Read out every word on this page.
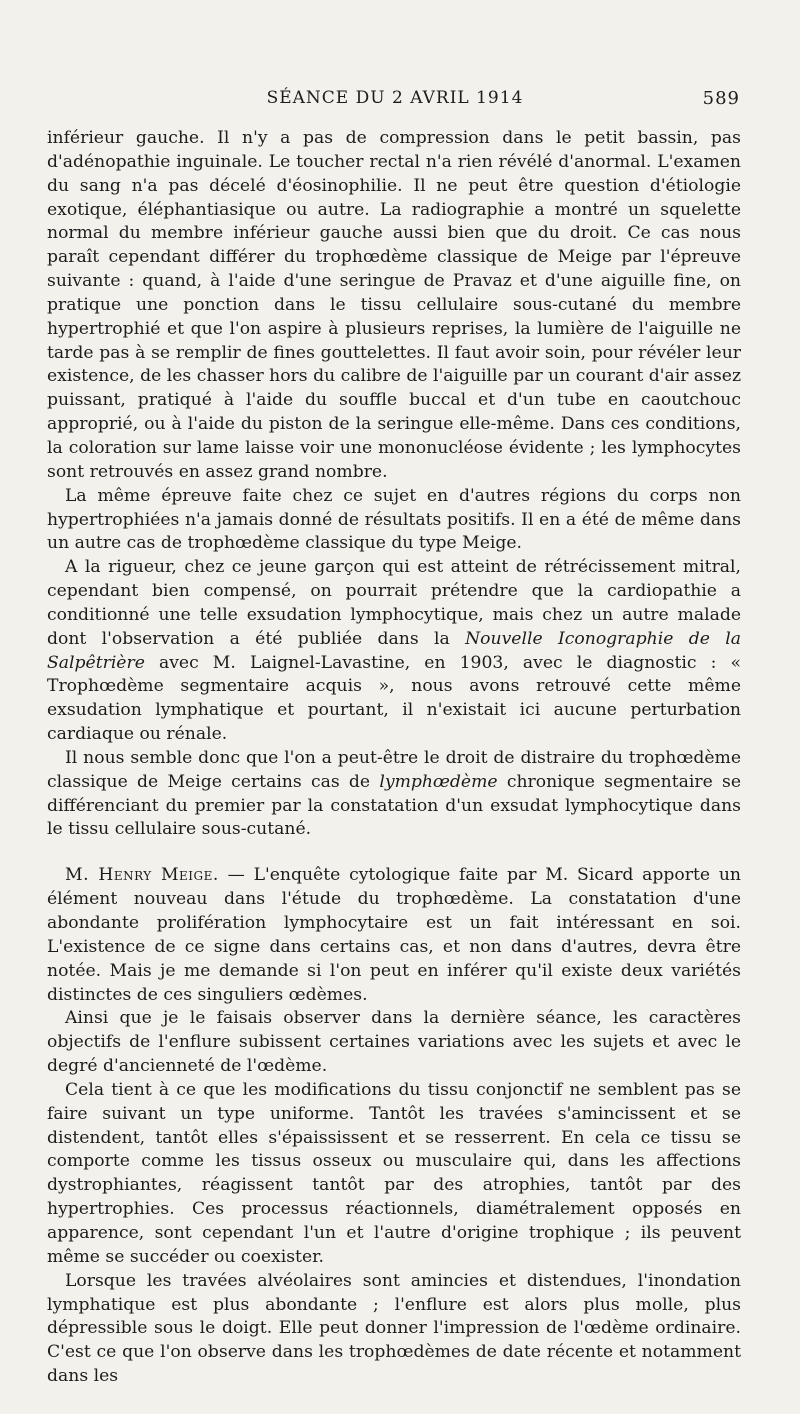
SÉANCE DU 2 AVRIL 1914	589

inférieur gauche. Il n'y a pas de compression dans le petit bassin, pas d'adénopathie inguinale. Le toucher rectal n'a rien révélé d'anormal. L'examen du sang n'a pas décelé d'éosinophilie. Il ne peut être question d'étiologie exotique, éléphantiasique ou autre. La radiographie a montré un squelette normal du membre inférieur gauche aussi bien que du droit. Ce cas nous paraît cependant différer du trophœdème classique de Meige par l'épreuve suivante : quand, à l'aide d'une seringue de Pravaz et d'une aiguille fine, on pratique une ponction dans le tissu cellulaire sous-cutané du membre hypertrophié et que l'on aspire à plusieurs reprises, la lumière de l'aiguille ne tarde pas à se remplir de fines gouttelettes. Il faut avoir soin, pour révéler leur existence, de les chasser hors du calibre de l'aiguille par un courant d'air assez puissant, pratiqué à l'aide du souffle buccal et d'un tube en caoutchouc approprié, ou à l'aide du piston de la seringue elle-même. Dans ces conditions, la coloration sur lame laisse voir une mononucléose évidente ; les lymphocytes sont retrouvés en assez grand nombre.

La même épreuve faite chez ce sujet en d'autres régions du corps non hypertrophiées n'a jamais donné de résultats positifs. Il en a été de même dans un autre cas de trophœdème classique du type Meige.

A la rigueur, chez ce jeune garçon qui est atteint de rétrécissement mitral, cependant bien compensé, on pourrait prétendre que la cardiopathie a conditionné une telle exsudation lymphocytique, mais chez un autre malade dont l'observation a été publiée dans la Nouvelle Iconographie de la Salpêtrière avec M. Laignel-Lavastine, en 1903, avec le diagnostic : « Trophœdème segmentaire acquis », nous avons retrouvé cette même exsudation lymphatique et pourtant, il n'existait ici aucune perturbation cardiaque ou rénale.

Il nous semble donc que l'on a peut-être le droit de distraire du trophœdème classique de Meige certains cas de lymphœdème chronique segmentaire se différenciant du premier par la constatation d'un exsudat lymphocytique dans le tissu cellulaire sous-cutané.

M. Henry Meige. — L'enquête cytologique faite par M. Sicard apporte un élément nouveau dans l'étude du trophœdème. La constatation d'une abondante prolifération lymphocytaire est un fait intéressant en soi. L'existence de ce signe dans certains cas, et non dans d'autres, devra être notée. Mais je me demande si l'on peut en inférer qu'il existe deux variétés distinctes de ces singuliers œdèmes.

Ainsi que je le faisais observer dans la dernière séance, les caractères objectifs de l'enflure subissent certaines variations avec les sujets et avec le degré d'ancienneté de l'œdème.

Cela tient à ce que les modifications du tissu conjonctif ne semblent pas se faire suivant un type uniforme. Tantôt les travées s'amincissent et se distendent, tantôt elles s'épaississent et se resserrent. En cela ce tissu se comporte comme les tissus osseux ou musculaire qui, dans les affections dystrophiantes, réagissent tantôt par des atrophies, tantôt par des hypertrophies. Ces processus réactionnels, diamétralement opposés en apparence, sont cependant l'un et l'autre d'origine trophique ; ils peuvent même se succéder ou coexister.

Lorsque les travées alvéolaires sont amincies et distendues, l'inondation lymphatique est plus abondante ; l'enflure est alors plus molle, plus dépressible sous le doigt. Elle peut donner l'impression de l'œdème ordinaire. C'est ce que l'on observe dans les trophœdèmes de date récente et notamment dans les
